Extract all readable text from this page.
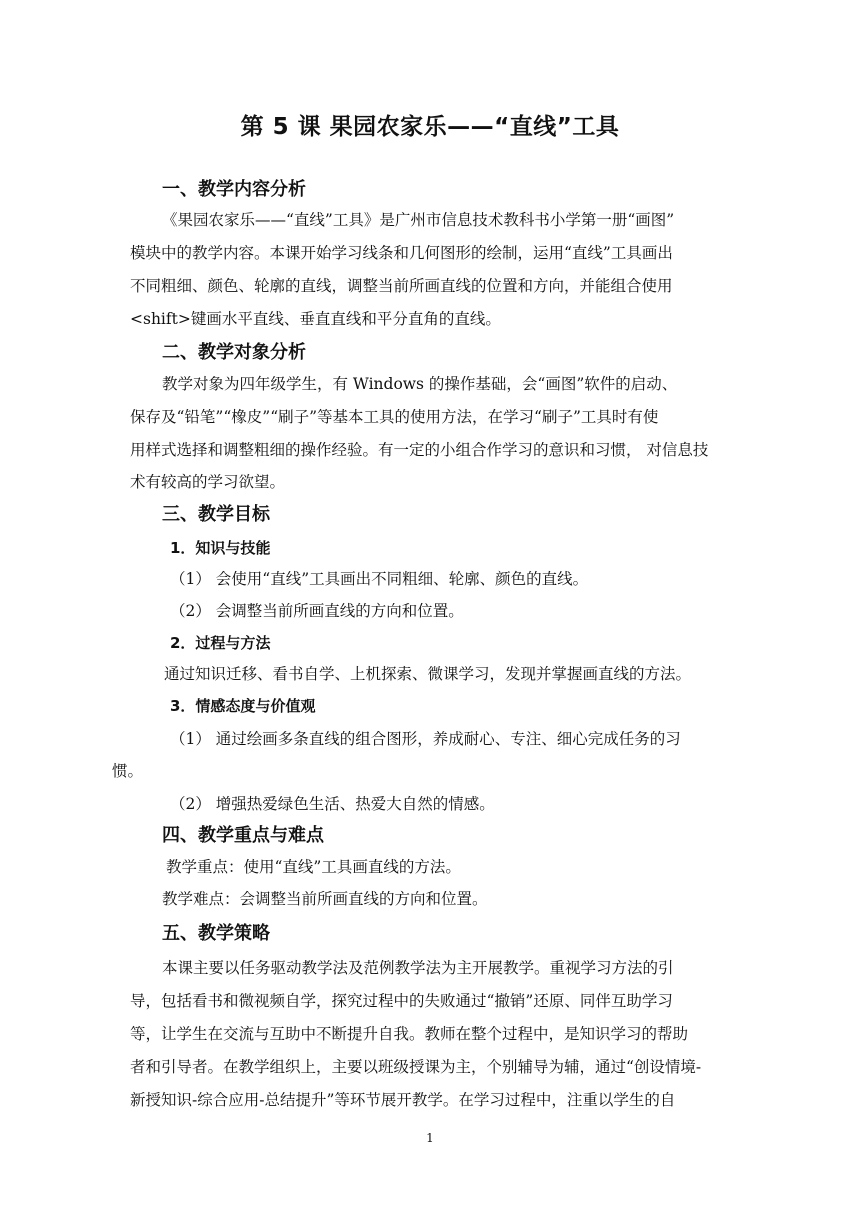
第 5 课 果园农家乐——“直线”工具
一、教学内容分析
《果园农家乐——“直线”工具》是广州市信息技术教科书小学第一册“画图”
模块中的教学内容。本课开始学习线条和几何图形的绘制，运用“直线”工具画出
不同粗细、颜色、轮廓的直线，调整当前所画直线的位置和方向，并能组合使用
<shift>键画水平直线、垂直直线和平分直角的直线。
二、教学对象分析
教学对象为四年级学生，有 Windows 的操作基础，会“画图”软件的启动、
保存及“铅笔”“橡皮”“刷子”等基本工具的使用方法，在学习“刷子”工具时有使
用样式选择和调整粗细的操作经验。有一定的小组合作学习的意识和习惯， 对信息技
术有较高的学习欲望。
三、教学目标
1．知识与技能
（1） 会使用“直线”工具画出不同粗细、轮廓、颜色的直线。
（2） 会调整当前所画直线的方向和位置。
2．过程与方法
通过知识迁移、看书自学、上机探索、微课学习，发现并掌握画直线的方法。
3．情感态度与价值观
（1） 通过绘画多条直线的组合图形，养成耐心、专注、细心完成任务的习
惯。
（2） 增强热爱绿色生活、热爱大自然的情感。
四、教学重点与难点
教学重点：使用“直线”工具画直线的方法。
教学难点：会调整当前所画直线的方向和位置。
五、教学策略
本课主要以任务驱动教学法及范例教学法为主开展教学。重视学习方法的引
导，包括看书和微视频自学，探究过程中的失败通过“撤销”还原、同伴互助学习
等，让学生在交流与互助中不断提升自我。教师在整个过程中，是知识学习的帮助
者和引导者。在教学组织上，主要以班级授课为主，个别辅导为辅，通过“创设情境-
新授知识-综合应用-总结提升”等环节展开教学。在学习过程中，注重以学生的自
1
